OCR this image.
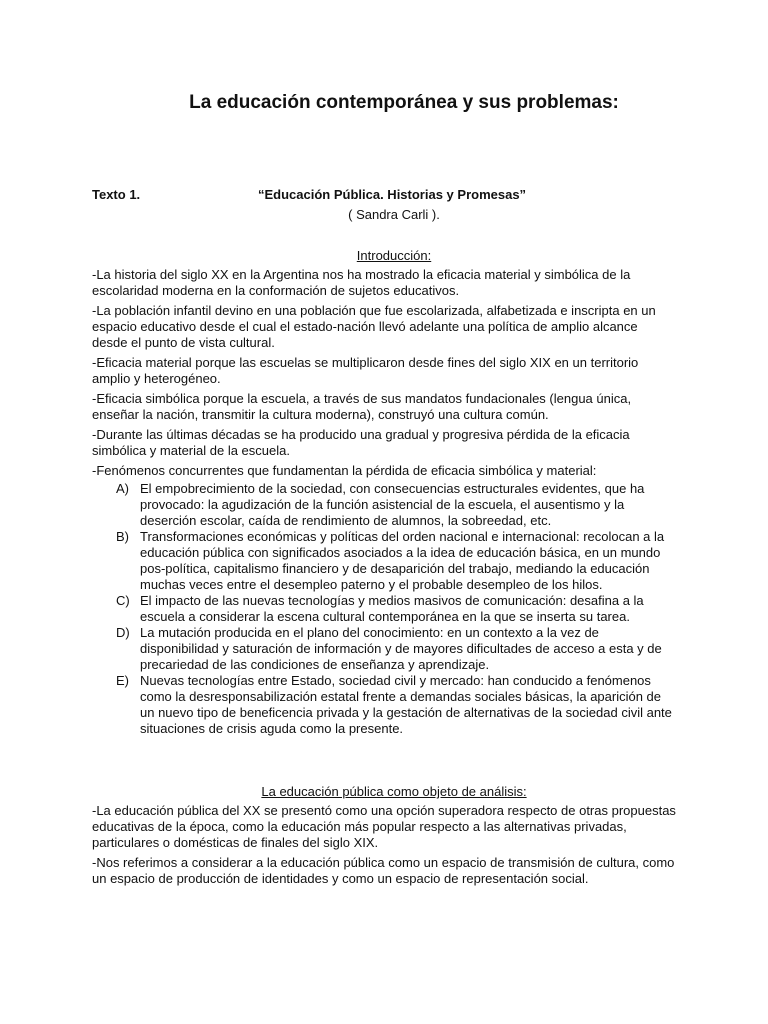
La educación contemporánea y sus problemas:
Texto 1.	“Educación Pública. Historias y Promesas”
( Sandra Carli ).
Introducción:

-La historia del siglo XX en la Argentina nos ha mostrado la eficacia material y simbólica de la escolaridad moderna en la conformación de sujetos educativos.

-La población infantil devino en una población que fue escolarizada, alfabetizada e inscripta en un espacio educativo desde el cual el estado-nación llevó adelante una política de amplio alcance desde el punto de vista cultural.

-Eficacia material porque las escuelas se multiplicaron desde fines del siglo XIX en un territorio amplio y heterogéneo.

-Eficacia simbólica porque la escuela, a través de sus mandatos fundacionales (lengua única, enseñar la nación, transmitir la cultura moderna), construyó una cultura común.

-Durante las últimas décadas se ha producido una gradual y progresiva pérdida de la eficacia simbólica y material de la escuela.

-Fenómenos concurrentes que fundamentan la pérdida de eficacia simbólica y material:

A) El empobrecimiento de la sociedad, con consecuencias estructurales evidentes, que ha provocado: la agudización de la función asistencial de la escuela, el ausentismo y la deserción escolar, caída de rendimiento de alumnos, la sobreedad, etc.
B) Transformaciones económicas y políticas del orden nacional e internacional: recolocan a la educación pública con significados asociados a la idea de educación básica, en un mundo pos-política, capitalismo financiero y de desaparición del trabajo, mediando la educación muchas veces entre el desempleo paterno y el probable desempleo de los hilos.
C) El impacto de las nuevas tecnologías y medios masivos de comunicación: desafina a la escuela a considerar la escena cultural contemporánea en la que se inserta su tarea.
D) La mutación producida en el plano del conocimiento: en un contexto a la vez de disponibilidad y saturación de información y de mayores dificultades de acceso a esta y de precariedad de las condiciones de enseñanza y aprendizaje.
E) Nuevas tecnologías entre Estado, sociedad civil y mercado: han conducido a fenómenos como la desresponsabilización estatal frente a demandas sociales básicas, la aparición de un nuevo tipo de beneficencia privada y la gestación de alternativas de la sociedad civil ante situaciones de crisis aguda como la presente.
La educación pública como objeto de análisis:

-La educación pública del XX se presentó como una opción superadora respecto de otras propuestas educativas de la época, como la educación más popular respecto a las alternativas privadas, particulares o domésticas de finales del siglo XIX.

-Nos referimos a considerar a la educación pública como un espacio de transmisión de cultura, como un espacio de producción de identidades y como un espacio de representación social.
